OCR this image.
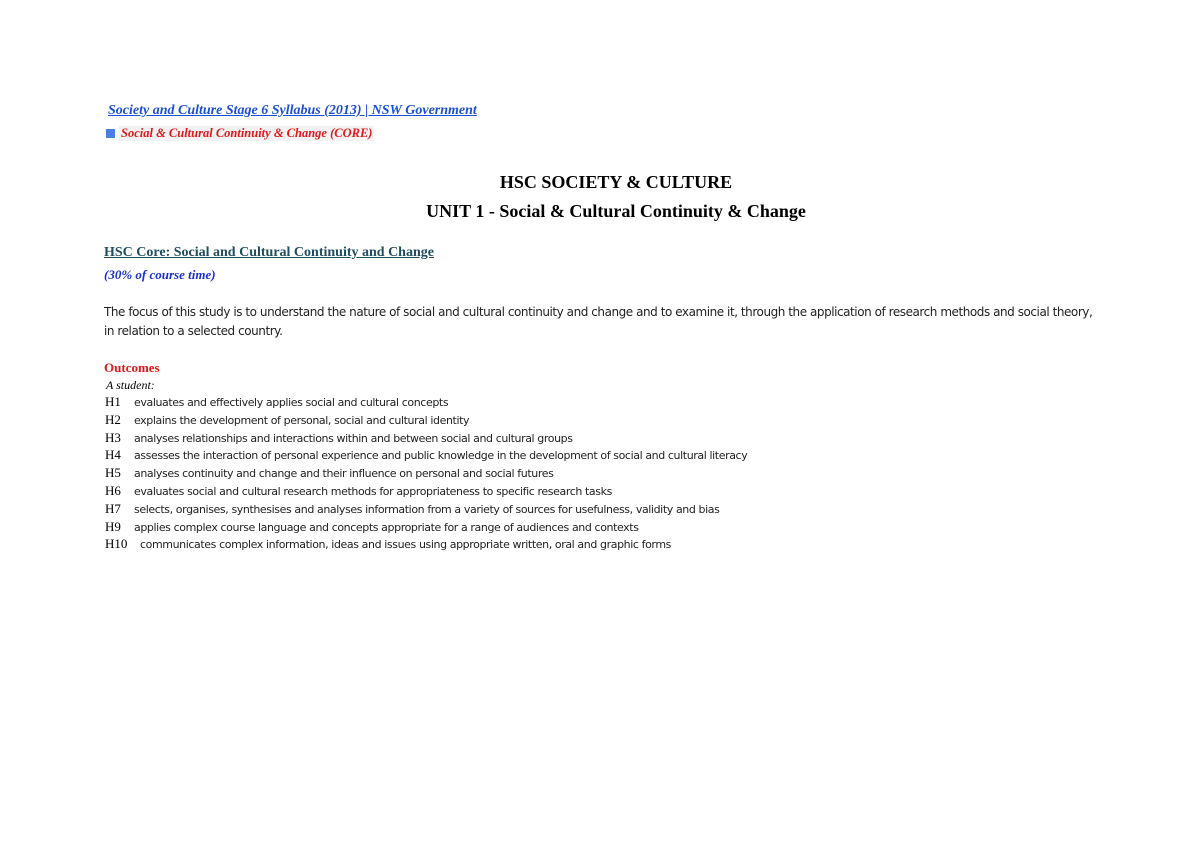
Society and Culture Stage 6 Syllabus (2013) | NSW Government
Social & Cultural Continuity & Change (CORE)
HSC SOCIETY & CULTURE
UNIT 1 - Social & Cultural Continuity & Change
HSC Core: Social and Cultural Continuity and Change
(30% of course time)
The focus of this study is to understand the nature of social and cultural continuity and change and to examine it, through the application of research methods and social theory, in relation to a selected country.
Outcomes
A student:
H1	evaluates and effectively applies social and cultural concepts
H2	explains the development of personal, social and cultural identity
H3	analyses relationships and interactions within and between social and cultural groups
H4	assesses the interaction of personal experience and public knowledge in the development of social and cultural literacy
H5	analyses continuity and change and their influence on personal and social futures
H6	evaluates social and cultural research methods for appropriateness to specific research tasks
H7	selects, organises, synthesises and analyses information from a variety of sources for usefulness, validity and bias
H9	applies complex course language and concepts appropriate for a range of audiences and contexts
H10	communicates complex information, ideas and issues using appropriate written, oral and graphic forms
